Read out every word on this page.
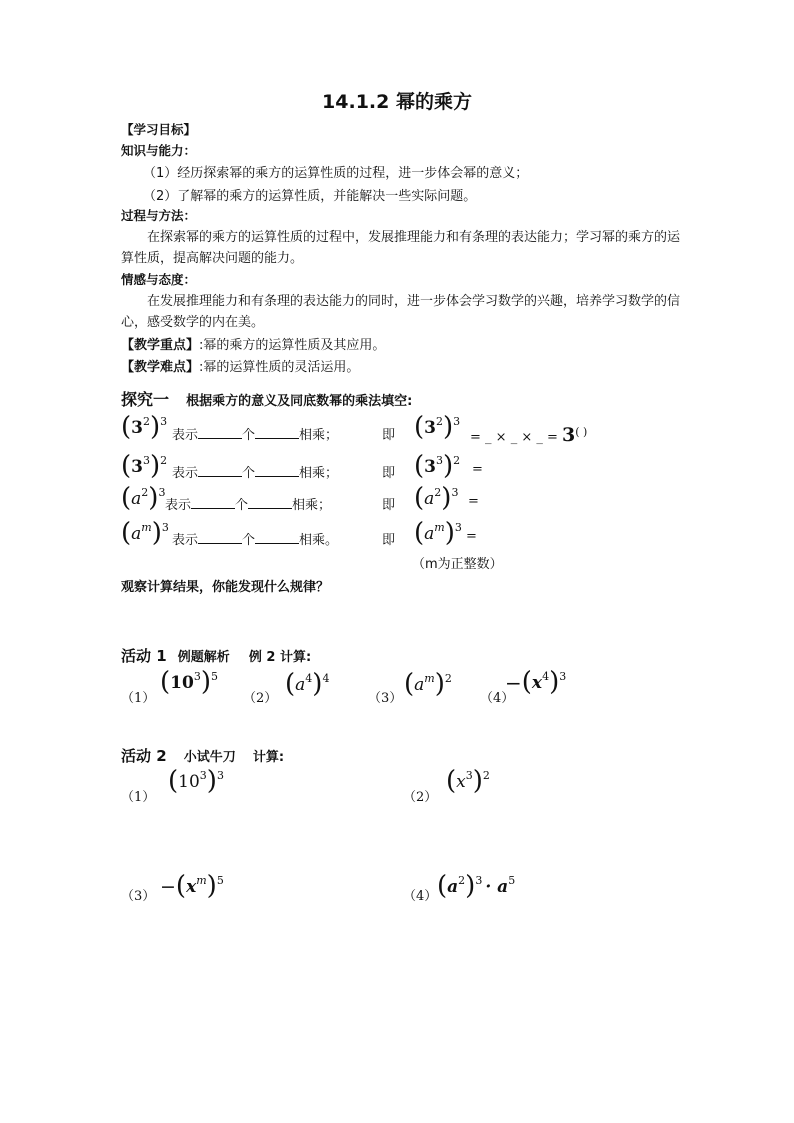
14.1.2 幂的乘方
【学习目标】
知识与能力：
（1）经历探索幂的乘方的运算性质的过程，进一步体会幂的意义；
（2）了解幂的乘方的运算性质，并能解决一些实际问题。
过程与方法：
在探索幂的乘方的运算性质的过程中，发展推理能力和有条理的表达能力；学习幂的乘方的运算性质，提高解决问题的能力。
情感与态度：
在发展推理能力和有条理的表达能力的同时，进一步体会学习数学的兴趣，培养学习数学的信心，感受数学的内在美。
【教学重点】:幂的乘方的运算性质及其应用。
【教学难点】:幂的运算性质的灵活运用。
探究一 根据乘方的意义及同底数幂的乘法填空:
( $3^2$ )$^3$
表示	个	相乘；	即 ( $3^2$ )$^3$
= _ × _ × _ = 3( )
( $3^3$ )$^2$
表示	个	相乘；	即 ( $3^3$ )$^2$
=
( $a^2$ )$^3$
表示	个	相乘；	即 ( $a^2$ )$^3$
=
( $a^m$ )$^3$
表示	个	相乘。	即 ( $a^m$ )$^3$
=
（m为正整数）
观察计算结果，你能发现什么规律？
活动 1 例题解析 例 2 计算:
（1）
( $10^3$ )$^5$
（2） ( $a^4$ )$^4$
（3） ( $a^m$ )$^2$
（4）
− ( $x^4$ )$^3$
活动 2 小试牛刀 计算:
（1）
( $10^3$ )$^3$
（2）
( $x^3$ )$^2$
（3） − ( $x^m$ )$^5$
（4） ( $a^2$ )$^3 \cdot a^5$
